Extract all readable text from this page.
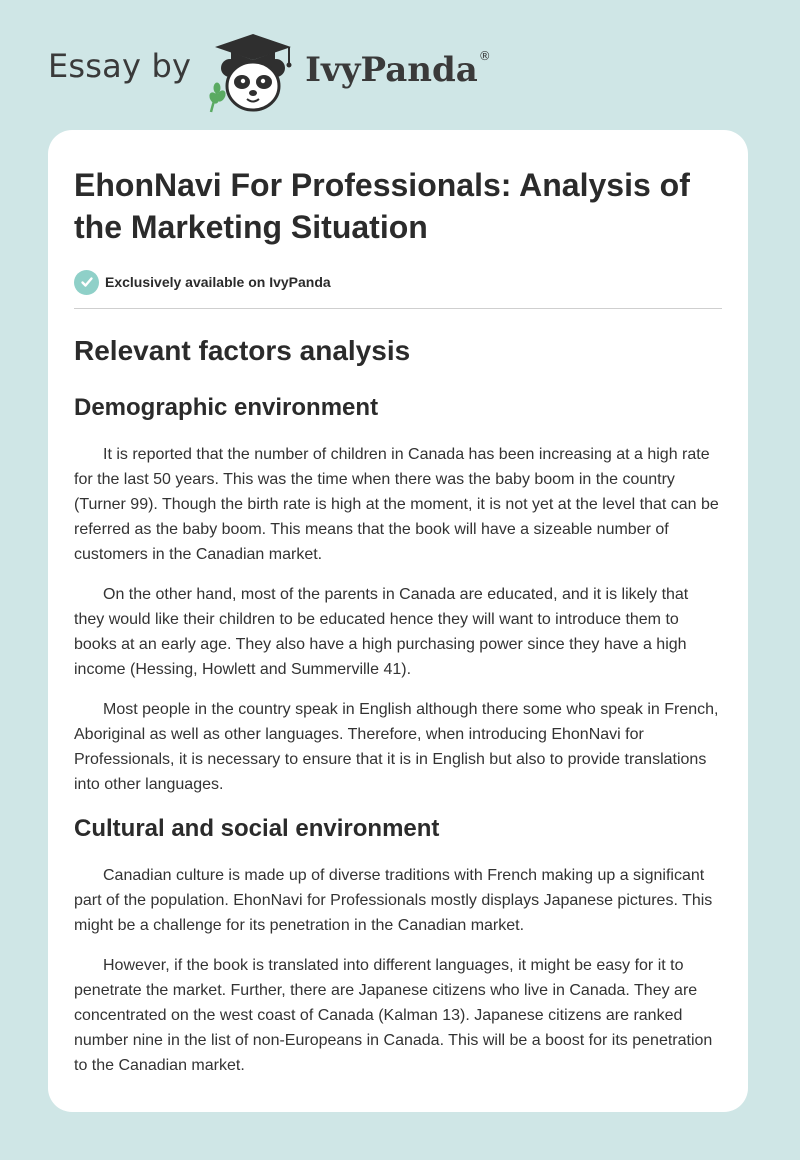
Essay by	IvyPanda ®
EhonNavi For Professionals: Analysis of the Marketing Situation
Exclusively available on IvyPanda
Relevant factors analysis
Demographic environment

It is reported that the number of children in Canada has been increasing at a high rate for the last 50 years. This was the time when there was the baby boom in the country (Turner 99). Though the birth rate is high at the moment, it is not yet at the level that can be referred as the baby boom. This means that the book will have a sizeable number of customers in the Canadian market.

On the other hand, most of the parents in Canada are educated, and it is likely that they would like their children to be educated hence they will want to introduce them to books at an early age. They also have a high purchasing power since they have a high income (Hessing, Howlett and Summerville 41).

Most people in the country speak in English although there some who speak in French, Aboriginal as well as other languages. Therefore, when introducing EhonNavi for Professionals, it is necessary to ensure that it is in English but also to provide translations into other languages.

Cultural and social environment

Canadian culture is made up of diverse traditions with French making up a significant part of the population. EhonNavi for Professionals mostly displays Japanese pictures. This might be a challenge for its penetration in the Canadian market.

However, if the book is translated into different languages, it might be easy for it to penetrate the market. Further, there are Japanese citizens who live in Canada. They are concentrated on the west coast of Canada (Kalman 13). Japanese citizens are ranked number nine in the list of non-Europeans in Canada. This will be a boost for its penetration to the Canadian market.
